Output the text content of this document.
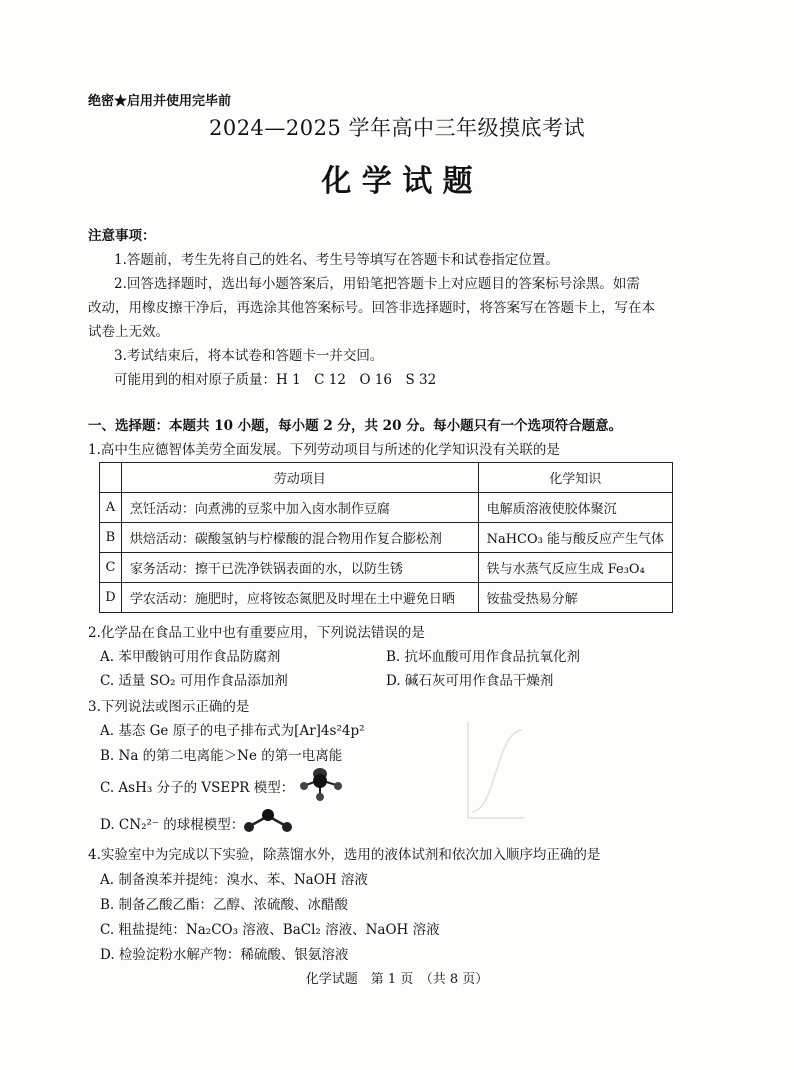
绝密★启用并使用完毕前
2024—2025 学年高中三年级摸底考试
化 学 试 题
注意事项：
1.答题前，考生先将自己的姓名、考生号等填写在答题卡和试卷指定位置。
2.回答选择题时，选出每小题答案后，用铅笔把答题卡上对应题目的答案标号涂黑。如需
改动，用橡皮擦干净后，再选涂其他答案标号。回答非选择题时，将答案写在答题卡上，写在本
试卷上无效。
3.考试结束后，将本试卷和答题卡一并交回。
可能用到的相对原子质量：H 1　C 12　O 16　S 32
一、选择题：本题共 10 小题，每小题 2 分，共 20 分。每小题只有一个选项符合题意。
1.高中生应德智体美劳全面发展。下列劳动项目与所述的化学知识没有关联的是
	劳动项目	化学知识
A	烹饪活动：向煮沸的豆浆中加入卤水制作豆腐	电解质溶液使胶体聚沉
B	烘焙活动：碳酸氢钠与柠檬酸的混合物用作复合膨松剂	NaHCO₃ 能与酸反应产生气体
C	家务活动：擦干已洗净铁锅表面的水，以防生锈	铁与水蒸气反应生成 Fe₃O₄
D	学农活动：施肥时，应将铵态氮肥及时埋在土中避免日晒	铵盐受热易分解
2.化学品在食品工业中也有重要应用，下列说法错误的是
A. 苯甲酸钠可用作食品防腐剂	B. 抗坏血酸可用作食品抗氧化剂
C. 适量 SO₂ 可用作食品添加剂	D. 碱石灰可用作食品干燥剂
3.下列说法或图示正确的是
A. 基态 Ge 原子的电子排布式为[Ar]4s²4p²
B. Na 的第二电离能＞Ne 的第一电离能
C. AsH₃ 分子的 VSEPR 模型：
D. CN₂²⁻ 的球棍模型：
4.实验室中为完成以下实验，除蒸馏水外，选用的液体试剂和依次加入顺序均正确的是
A. 制备溴苯并提纯：溴水、苯、NaOH 溶液
B. 制备乙酸乙酯：乙醇、浓硫酸、冰醋酸
C. 粗盐提纯：Na₂CO₃ 溶液、BaCl₂ 溶液、NaOH 溶液
D. 检验淀粉水解产物：稀硫酸、银氨溶液
化学试题　第 1 页　（共 8 页）
